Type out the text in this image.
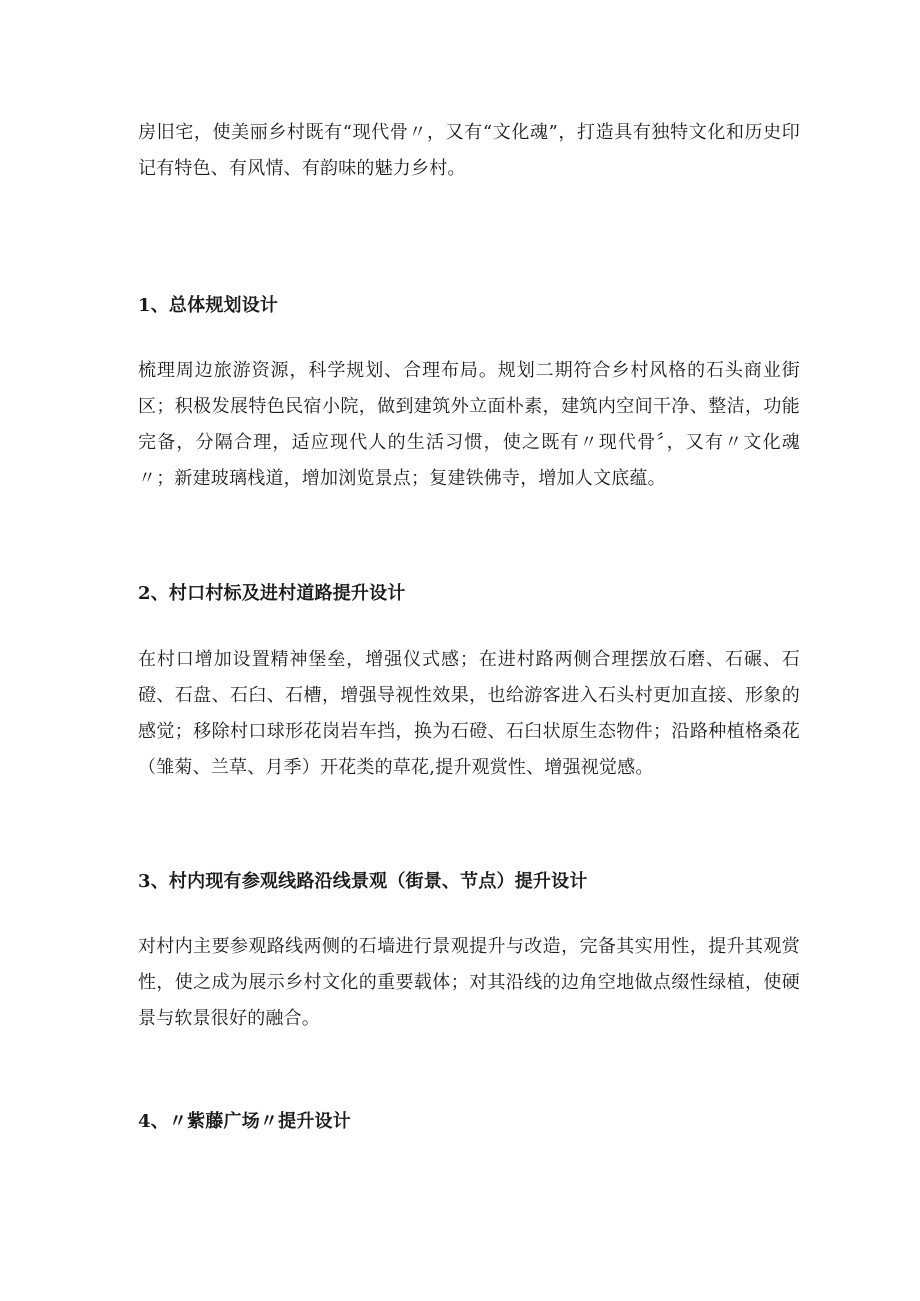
房旧宅，使美丽乡村既有“现代骨〃，又有“文化魂”，打造具有独特文化和历史印记有特色、有风情、有韵味的魅力乡村。

1、总体规划设计

梳理周边旅游资源，科学规划、合理布局。规划二期符合乡村风格的石头商业街区；积极发展特色民宿小院，做到建筑外立面朴素，建筑内空间干净、整洁，功能完备，分隔合理，适应现代人的生活习惯，使之既有〃现代骨〞，又有〃文化魂〃；新建玻璃栈道，增加浏览景点；复建铁佛寺，增加人文底蕴。

2、村口村标及进村道路提升设计

在村口增加设置精神堡垒，增强仪式感；在进村路两侧合理摆放石磨、石碾、石磴、石盘、石臼、石槽，增强导视性效果，也给游客进入石头村更加直接、形象的感觉；移除村口球形花岗岩车挡，换为石磴、石臼状原生态物件；沿路种植格桑花（雏菊、兰草、月季）开花类的草花,提升观赏性、增强视觉感。

3、村内现有参观线路沿线景观（街景、节点）提升设计

对村内主要参观路线两侧的石墙进行景观提升与改造，完备其实用性，提升其观赏性，使之成为展示乡村文化的重要载体；对其沿线的边角空地做点缀性绿植，使硬景与软景很好的融合。

4、〃紫藤广场〃提升设计
